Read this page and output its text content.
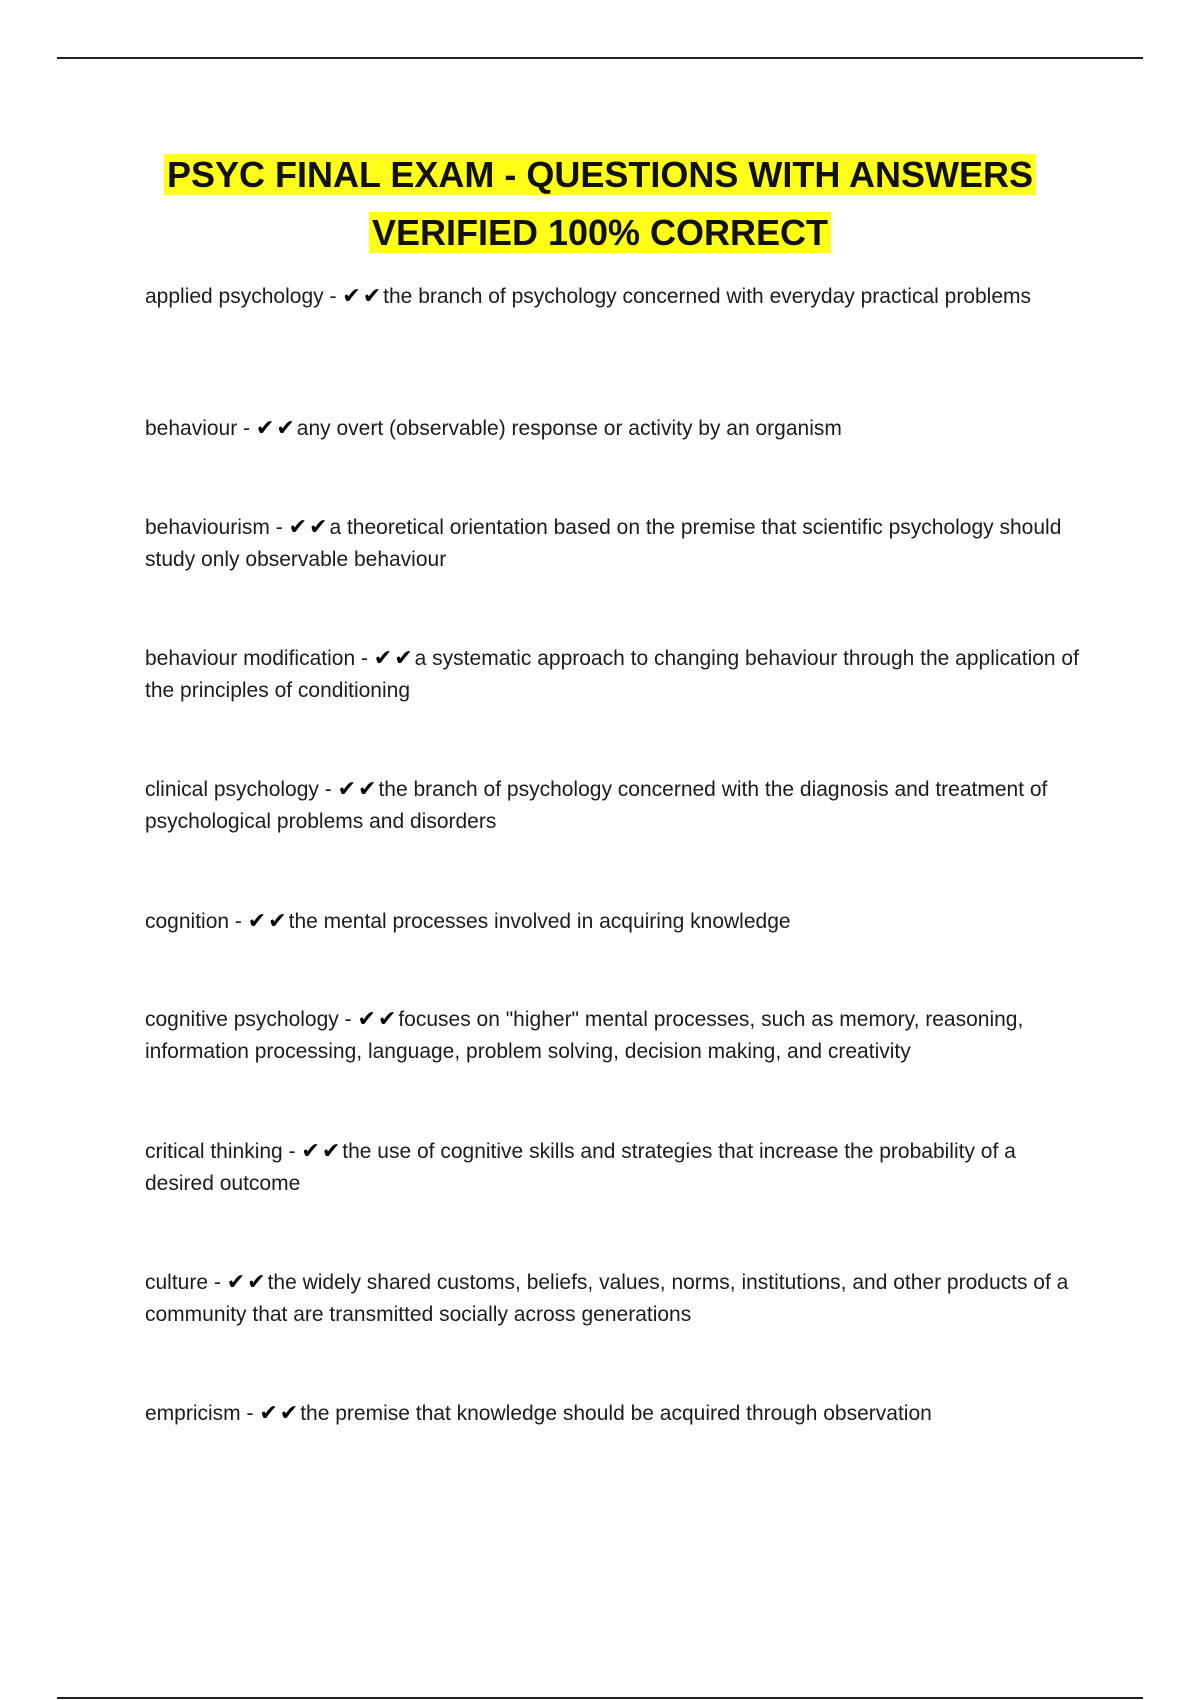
PSYC FINAL EXAM - QUESTIONS WITH ANSWERS
VERIFIED 100% CORRECT

applied psychology - ✔✔the branch of psychology concerned with everyday practical problems

behaviour - ✔✔any overt (observable) response or activity by an organism

behaviourism - ✔✔a theoretical orientation based on the premise that scientific psychology should study only observable behaviour

behaviour modification - ✔✔a systematic approach to changing behaviour through the application of the principles of conditioning

clinical psychology - ✔✔the branch of psychology concerned with the diagnosis and treatment of psychological problems and disorders

cognition - ✔✔the mental processes involved in acquiring knowledge

cognitive psychology - ✔✔focuses on "higher" mental processes, such as memory, reasoning, information processing, language, problem solving, decision making, and creativity

critical thinking - ✔✔the use of cognitive skills and strategies that increase the probability of a desired outcome

culture - ✔✔the widely shared customs, beliefs, values, norms, institutions, and other products of a community that are transmitted socially across generations

empricism - ✔✔the premise that knowledge should be acquired through observation
